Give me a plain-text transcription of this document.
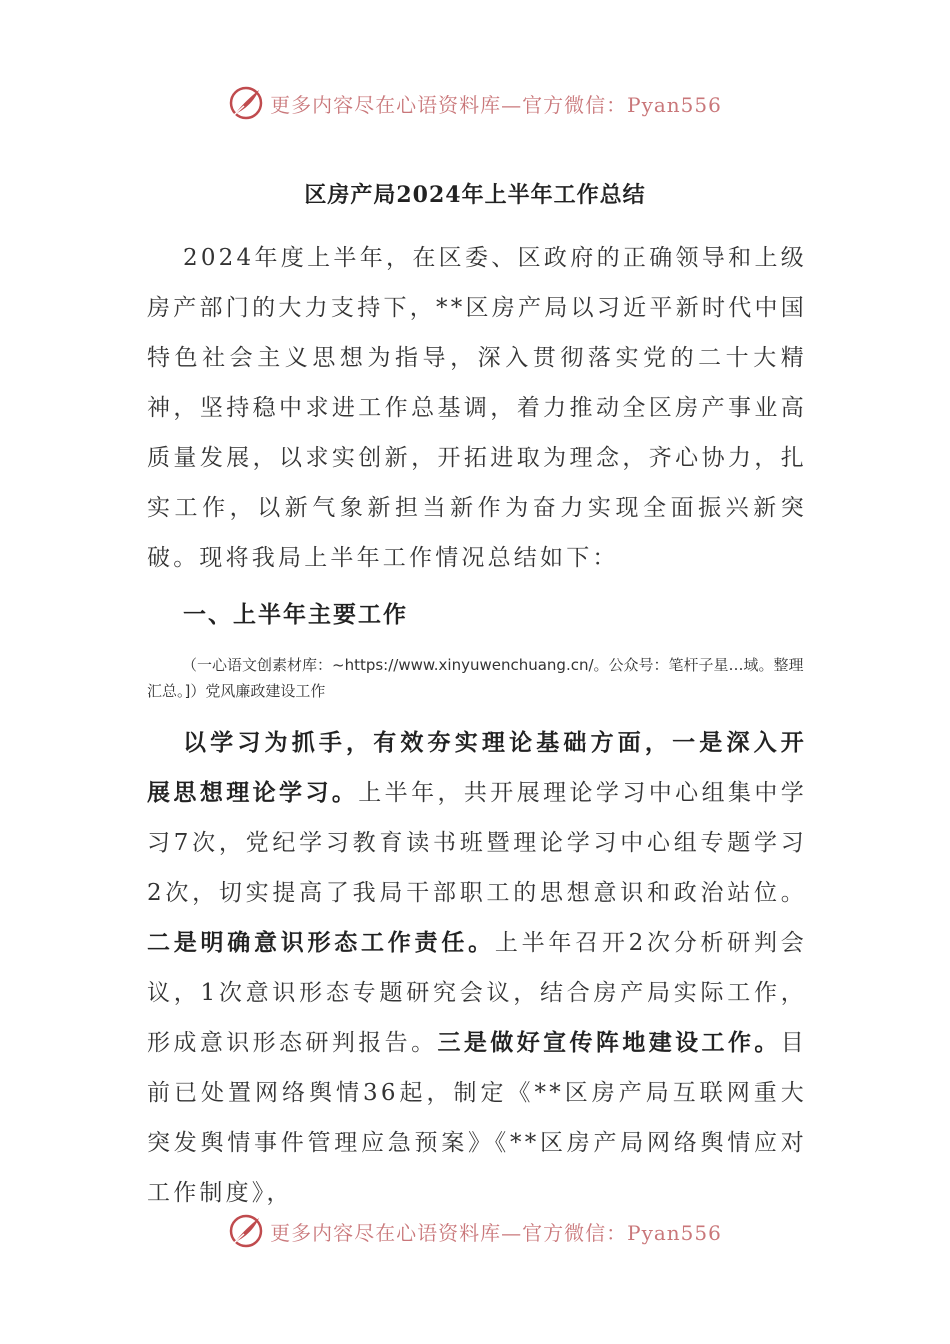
更多内容尽在心语资料库—官方微信：Pyan556
区房产局2024年上半年工作总结
2024年度上半年，在区委、区政府的正确领导和上级房产部门的大力支持下，**区房产局以习近平新时代中国特色社会主义思想为指导，深入贯彻落实党的二十大精神，坚持稳中求进工作总基调，着力推动全区房产事业高质量发展，以求实创新，开拓进取为理念，齐心协力，扎实工作，以新气象新担当新作为奋力实现全面振兴新突破。现将我局上半年工作情况总结如下：
一、上半年主要工作
（一心语文创素材库：~https://www.xinyuwenchuang.cn/。公众号：笔杆子星…域。整理汇总。]）党风廉政建设工作
以学习为抓手，有效夯实理论基础方面，一是深入开展思想理论学习。上半年，共开展理论学习中心组集中学习7次，党纪学习教育读书班暨理论学习中心组专题学习2次，切实提高了我局干部职工的思想意识和政治站位。二是明确意识形态工作责任。上半年召开2次分析研判会议，1次意识形态专题研究会议，结合房产局实际工作，形成意识形态研判报告。三是做好宣传阵地建设工作。目前已处置网络舆情36起，制定《**区房产局互联网重大突发舆情事件管理应急预案》《**区房产局网络舆情应对工作制度》，
更多内容尽在心语资料库—官方微信：Pyan556
